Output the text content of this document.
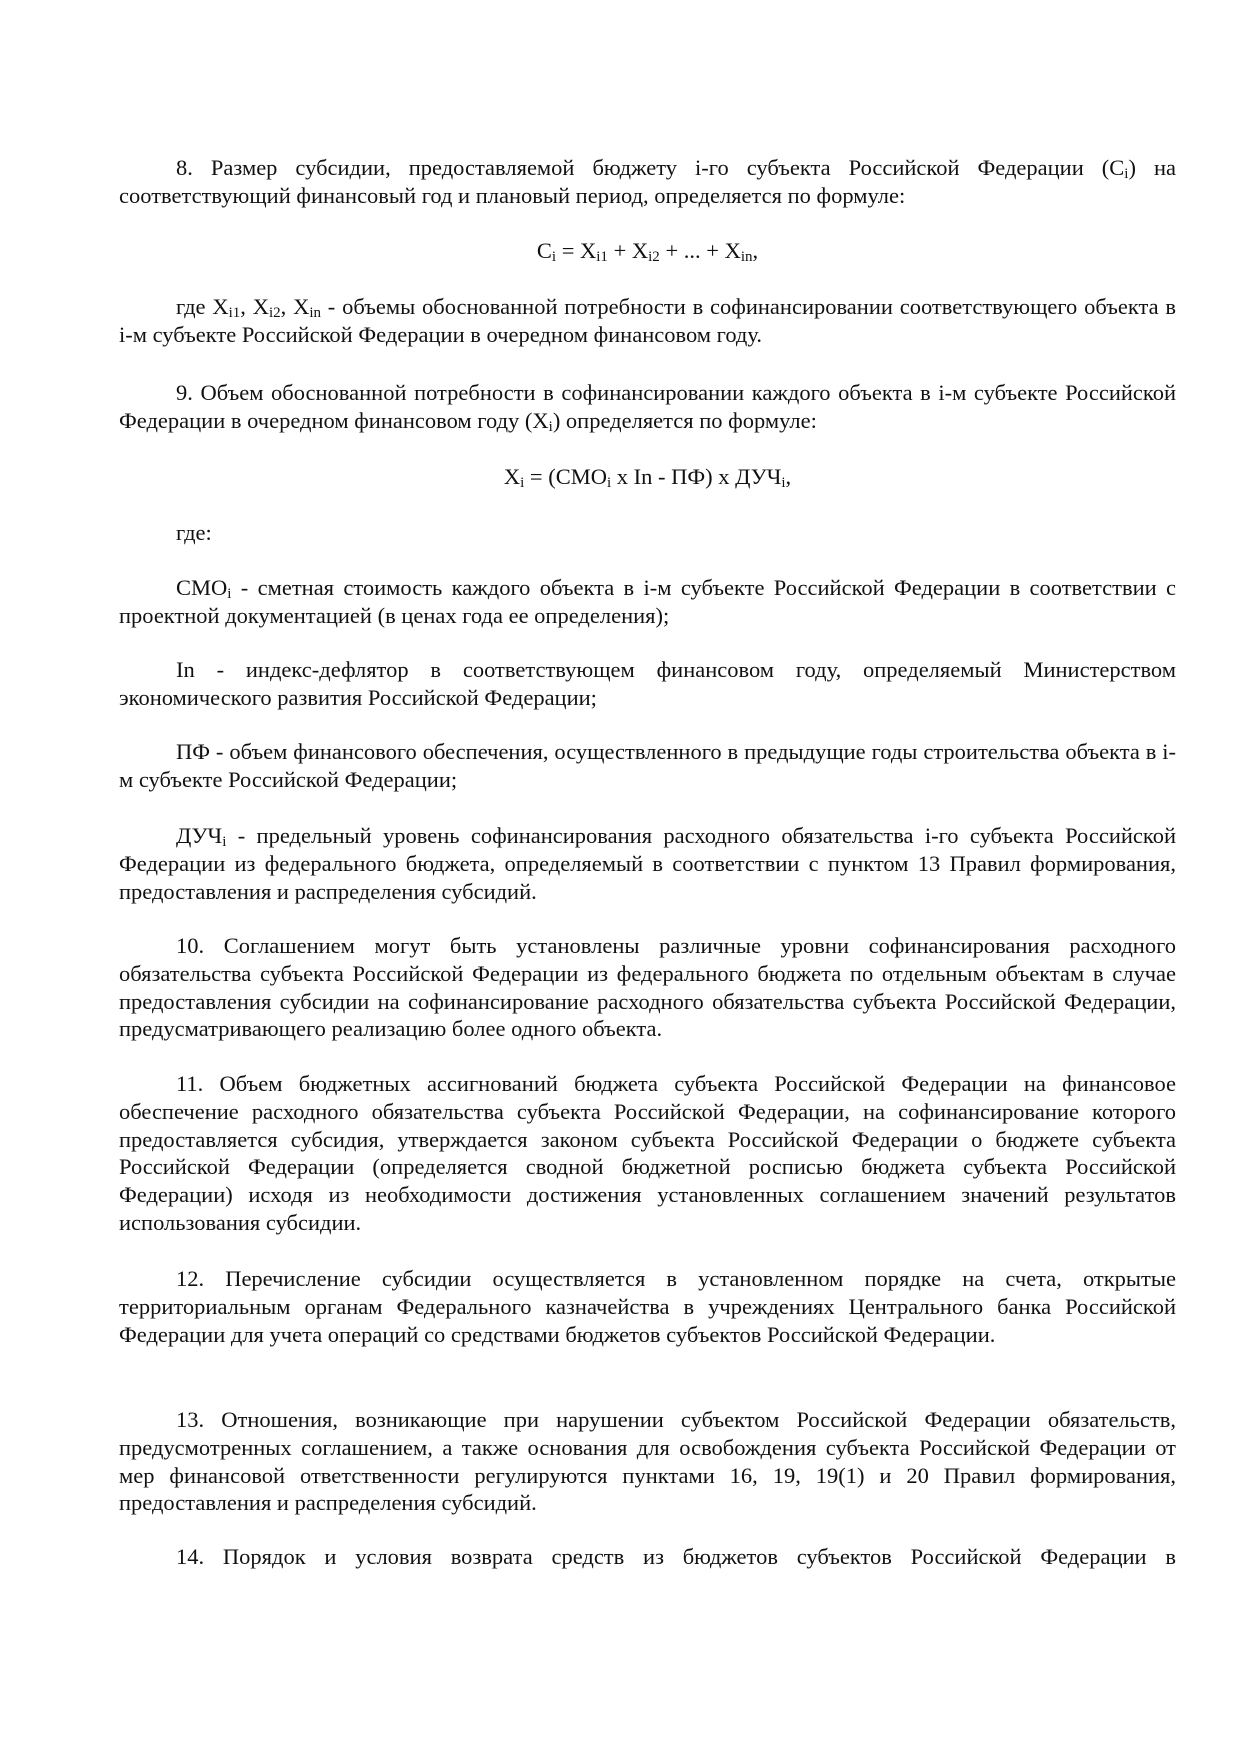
8. Размер субсидии, предоставляемой бюджету i-го субъекта Российской Федерации $(C_i)$ на соответствующий финансовый год и плановый период, определяется по формуле:

$C_i = X_{i1} + X_{i2}$ + ... + $X_{in}$,

где $X_{i1}$, $X_{i2}$, $X_{in}$ - объемы обоснованной потребности в софинансировании соответствующего объекта в i-м субъекте Российской Федерации в очередном финансовом году.

9. Объем обоснованной потребности в софинансировании каждого объекта в i-м субъекте Российской Федерации в очередном финансовом году $(X_i)$ определяется по формуле:

$X_i = (СМО_i$ x In - ПФ) x $ДУЧ_i$,

где:

$СМО_i$ - сметная стоимость каждого объекта в i-м субъекте Российской Федерации в соответствии с проектной документацией (в ценах года ее определения);

In - индекс-дефлятор в соответствующем финансовом году, определяемый Министерством экономического развития Российской Федерации;

ПФ - объем финансового обеспечения, осуществленного в предыдущие годы строительства объекта в i-м субъекте Российской Федерации;

$ДУЧ_i$ - предельный уровень софинансирования расходного обязательства i-го субъекта Российской Федерации из федерального бюджета, определяемый в соответствии с пунктом 13 Правил формирования, предоставления и распределения субсидий.

10. Соглашением могут быть установлены различные уровни софинансирования расходного обязательства субъекта Российской Федерации из федерального бюджета по отдельным объектам в случае предоставления субсидии на софинансирование расходного обязательства субъекта Российской Федерации, предусматривающего реализацию более одного объекта.

11. Объем бюджетных ассигнований бюджета субъекта Российской Федерации на финансовое обеспечение расходного обязательства субъекта Российской Федерации, на софинансирование которого предоставляется субсидия, утверждается законом субъекта Российской Федерации о бюджете субъекта Российской Федерации (определяется сводной бюджетной росписью бюджета субъекта Российской Федерации) исходя из необходимости достижения установленных соглашением значений результатов использования субсидии.

12. Перечисление субсидии осуществляется в установленном порядке на счета, открытые территориальным органам Федерального казначейства в учреждениях Центрального банка Российской Федерации для учета операций со средствами бюджетов субъектов Российской Федерации.

13. Отношения, возникающие при нарушении субъектом Российской Федерации обязательств, предусмотренных соглашением, а также основания для освобождения субъекта Российской Федерации от мер финансовой ответственности регулируются пунктами 16, 19, 19(1) и 20 Правил формирования, предоставления и распределения субсидий.

14. Порядок и условия возврата средств из бюджетов субъектов Российской Федерации в
